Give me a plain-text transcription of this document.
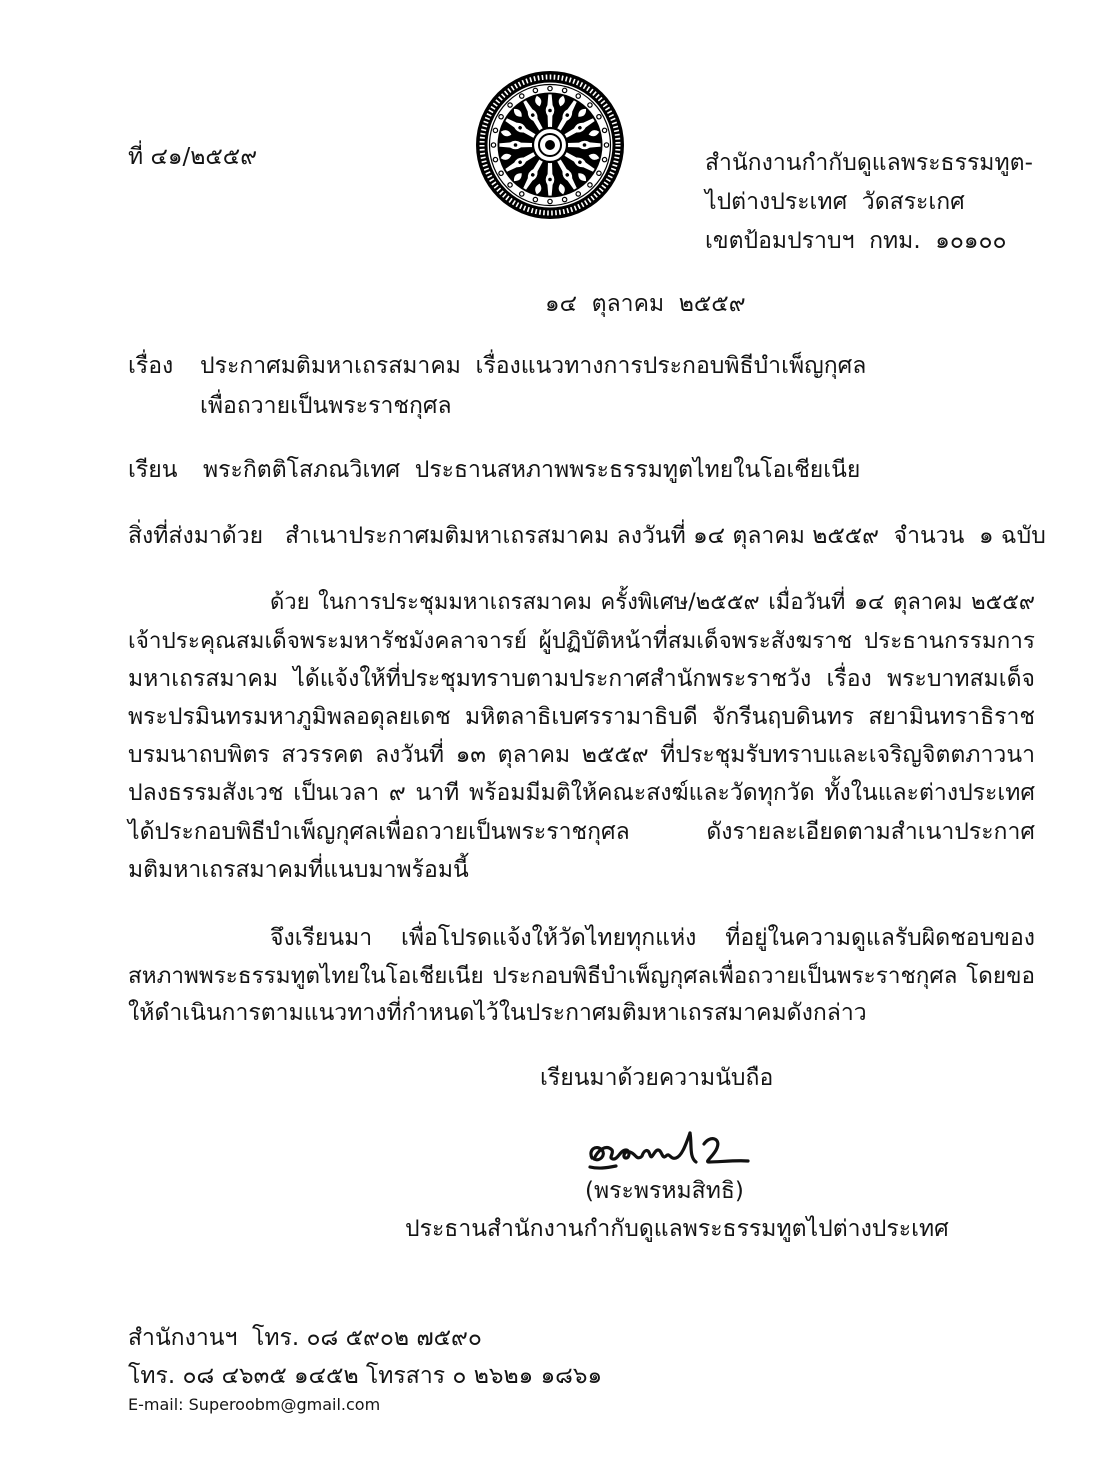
ที่ ๔๑/๒๕๕๙	สำนักงานกำกับดูแลพระธรรมทูต-
ไปต่างประเทศ  วัดสระเกศ
เขตป้อมปราบฯ  กทม.  ๑๐๑๐๐
๑๔  ตุลาคม  ๒๕๕๙
เรื่อง	ประกาศมติมหาเถรสมาคม  เรื่องแนวทางการประกอบพิธีบำเพ็ญกุศล
เพื่อถวายเป็นพระราชกุศล
เรียน	พระกิตติโสภณวิเทศ  ประธานสหภาพพระธรรมทูตไทยในโอเชียเนีย
สิ่งที่ส่งมาด้วย สำเนาประกาศมติมหาเถรสมาคม ลงวันที่ ๑๔ ตุลาคม ๒๕๕๙  จำนวน  ๑ ฉบับ
ด้วย ในการประชุมมหาเถรสมาคม ครั้งพิเศษ/๒๕๕๙ เมื่อวันที่ ๑๔ ตุลาคม ๒๕๕๙
เจ้าประคุณสมเด็จพระมหารัชมังคลาจารย์ ผู้ปฏิบัติหน้าที่สมเด็จพระสังฆราช ประธานกรรมการ
มหาเถรสมาคม ได้แจ้งให้ที่ประชุมทราบตามประกาศสำนักพระราชวัง เรื่อง พระบาทสมเด็จ
พระปรมินทรมหาภูมิพลอดุลยเดช มหิตลาธิเบศรรามาธิบดี จักรีนฤบดินทร สยามินทราธิราช
บรมนาถบพิตร สวรรคต ลงวันที่ ๑๓ ตุลาคม ๒๕๕๙ ที่ประชุมรับทราบและเจริญจิตตภาวนา
ปลงธรรมสังเวช เป็นเวลา ๙ นาที พร้อมมีมติให้คณะสงฆ์และวัดทุกวัด ทั้งในและต่างประเทศ
ได้ประกอบพิธีบำเพ็ญกุศลเพื่อถวายเป็นพระราชกุศล ดังรายละเอียดตามสำเนาประกาศ
มติมหาเถรสมาคมที่แนบมาพร้อมนี้
จึงเรียนมา เพื่อโปรดแจ้งให้วัดไทยทุกแห่ง ที่อยู่ในความดูแลรับผิดชอบของ
สหภาพพระธรรมทูตไทยในโอเชียเนีย ประกอบพิธีบำเพ็ญกุศลเพื่อถวายเป็นพระราชกุศล โดยขอ
ให้ดำเนินการตามแนวทางที่กำหนดไว้ในประกาศมติมหาเถรสมาคมดังกล่าว
เรียนมาด้วยความนับถือ
(พระพรหมสิทธิ)
ประธานสำนักงานกำกับดูแลพระธรรมทูตไปต่างประเทศ
สำนักงานฯ  โทร. ๐๘ ๕๙๐๒ ๗๕๙๐
โทร. ๐๘ ๔๖๓๕ ๑๔๕๒ โทรสาร ๐ ๒๖๒๑ ๑๘๖๑
E-mail: Superoobm@gmail.com
